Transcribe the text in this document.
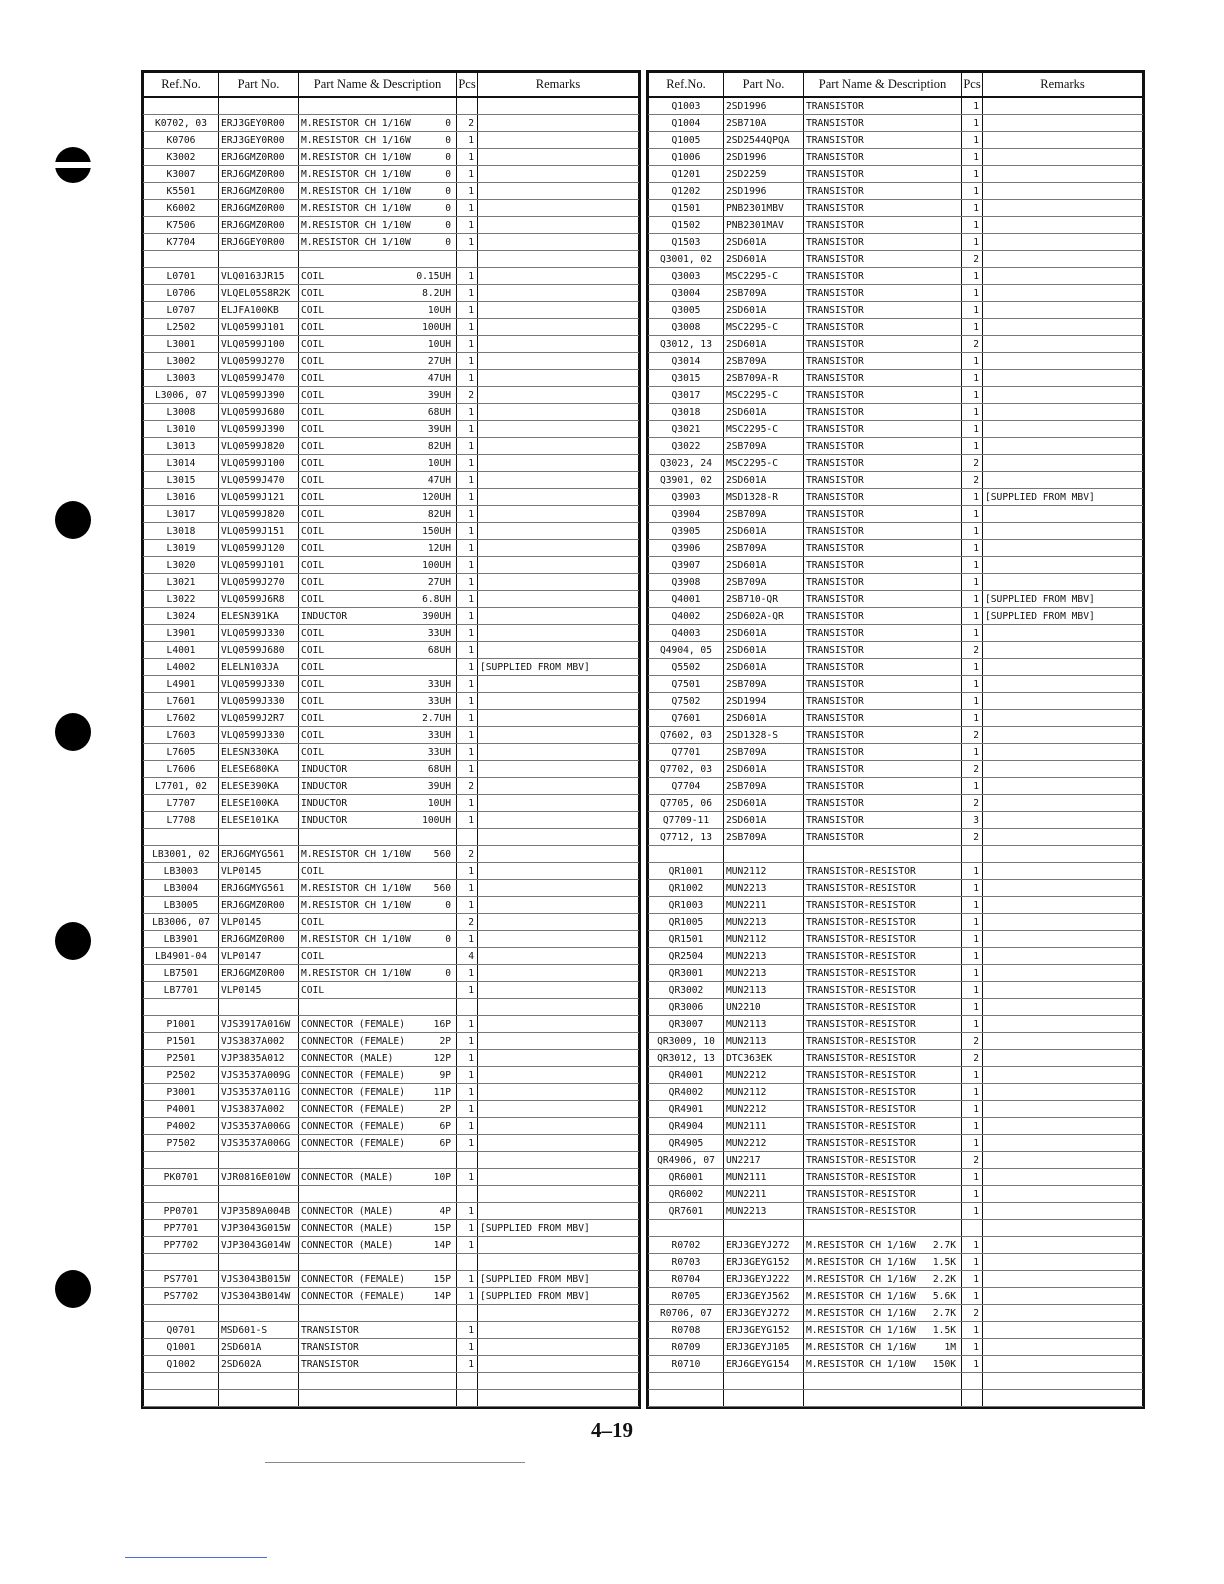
Ref.No.	Part No.	Part Name & Description	Pcs	Remarks

K0702, 03	ERJ3GEY0R00	M.RESISTOR CH 1/16W 0	2	
K0706	ERJ3GEY0R00	M.RESISTOR CH 1/16W 0	1	
K3002	ERJ6GMZ0R00	M.RESISTOR CH 1/10W 0	1	
K3007	ERJ6GMZ0R00	M.RESISTOR CH 1/10W 0	1	
K5501	ERJ6GMZ0R00	M.RESISTOR CH 1/10W 0	1	
K6002	ERJ6GMZ0R00	M.RESISTOR CH 1/10W 0	1	
K7506	ERJ6GMZ0R00	M.RESISTOR CH 1/10W 0	1	
K7704	ERJ6GEY0R00	M.RESISTOR CH 1/10W 0	1	

L0701	VLQ0163JR15	COIL 0.15UH	1	
L0706	VLQEL05S8R2K	COIL 8.2UH	1	
L0707	ELJFA100KB	COIL 10UH	1	
L2502	VLQ0599J101	COIL 100UH	1	
L3001	VLQ0599J100	COIL 10UH	1	
L3002	VLQ0599J270	COIL 27UH	1	
L3003	VLQ0599J470	COIL 47UH	1	
L3006, 07	VLQ0599J390	COIL 39UH	2	
L3008	VLQ0599J680	COIL 68UH	1	
L3010	VLQ0599J390	COIL 39UH	1	
L3013	VLQ0599J820	COIL 82UH	1	
L3014	VLQ0599J100	COIL 10UH	1	
L3015	VLQ0599J470	COIL 47UH	1	
L3016	VLQ0599J121	COIL 120UH	1	
L3017	VLQ0599J820	COIL 82UH	1	
L3018	VLQ0599J151	COIL 150UH	1	
L3019	VLQ0599J120	COIL 12UH	1	
L3020	VLQ0599J101	COIL 100UH	1	
L3021	VLQ0599J270	COIL 27UH	1	
L3022	VLQ0599J6R8	COIL 6.8UH	1	
L3024	ELESN391KA	INDUCTOR 390UH	1	
L3901	VLQ0599J330	COIL 33UH	1	
L4001	VLQ0599J680	COIL 68UH	1	
L4002	ELELN103JA	COIL	1	[SUPPLIED FROM MBV]
L4901	VLQ0599J330	COIL 33UH	1	
L7601	VLQ0599J330	COIL 33UH	1	
L7602	VLQ0599J2R7	COIL 2.7UH	1	
L7603	VLQ0599J330	COIL 33UH	1	
L7605	ELESN330KA	COIL 33UH	1	
L7606	ELESE680KA	INDUCTOR 68UH	1	
L7701, 02	ELESE390KA	INDUCTOR 39UH	2	
L7707	ELESE100KA	INDUCTOR 10UH	1	
L7708	ELESE101KA	INDUCTOR 100UH	1	

LB3001, 02	ERJ6GMYG561	M.RESISTOR CH 1/10W 560	2	
LB3003	VLP0145	COIL	1	
LB3004	ERJ6GMYG561	M.RESISTOR CH 1/10W 560	1	
LB3005	ERJ6GMZ0R00	M.RESISTOR CH 1/10W 0	1	
LB3006, 07	VLP0145	COIL	2	
LB3901	ERJ6GMZ0R00	M.RESISTOR CH 1/10W 0	1	
LB4901-04	VLP0147	COIL	4	
LB7501	ERJ6GMZ0R00	M.RESISTOR CH 1/10W 0	1	
LB7701	VLP0145	COIL	1	

P1001	VJS3917A016W	CONNECTOR (FEMALE) 16P	1	
P1501	VJS3837A002	CONNECTOR (FEMALE) 2P	1	
P2501	VJP3835A012	CONNECTOR (MALE) 12P	1	
P2502	VJS3537A009G	CONNECTOR (FEMALE) 9P	1	
P3001	VJS3537A011G	CONNECTOR (FEMALE) 11P	1	
P4001	VJS3837A002	CONNECTOR (FEMALE) 2P	1	
P4002	VJS3537A006G	CONNECTOR (FEMALE) 6P	1	
P7502	VJS3537A006G	CONNECTOR (FEMALE) 6P	1	

PK0701	VJR0816E010W	CONNECTOR (MALE) 10P	1	

PP0701	VJP3589A004B	CONNECTOR (MALE) 4P	1	
PP7701	VJP3043G015W	CONNECTOR (MALE) 15P	1	[SUPPLIED FROM MBV]
PP7702	VJP3043G014W	CONNECTOR (MALE) 14P	1	

PS7701	VJS3043B015W	CONNECTOR (FEMALE) 15P	1	[SUPPLIED FROM MBV]
PS7702	VJS3043B014W	CONNECTOR (FEMALE) 14P	1	[SUPPLIED FROM MBV]

Q0701	MSD601-S	TRANSISTOR	1	
Q1001	2SD601A	TRANSISTOR	1	
Q1002	2SD602A	TRANSISTOR	1	

Ref.No.	Part No.	Part Name & Description	Pcs	Remarks
Q1003	2SD1996	TRANSISTOR	1	
Q1004	2SB710A	TRANSISTOR	1	
Q1005	2SD2544QPQA	TRANSISTOR	1	
Q1006	2SD1996	TRANSISTOR	1	
Q1201	2SD2259	TRANSISTOR	1	
Q1202	2SD1996	TRANSISTOR	1	
Q1501	PNB2301MBV	TRANSISTOR	1	
Q1502	PNB2301MAV	TRANSISTOR	1	
Q1503	2SD601A	TRANSISTOR	1	
Q3001, 02	2SD601A	TRANSISTOR	2	
Q3003	MSC2295-C	TRANSISTOR	1	
Q3004	2SB709A	TRANSISTOR	1	
Q3005	2SD601A	TRANSISTOR	1	
Q3008	MSC2295-C	TRANSISTOR	1	
Q3012, 13	2SD601A	TRANSISTOR	2	
Q3014	2SB709A	TRANSISTOR	1	
Q3015	2SB709A-R	TRANSISTOR	1	
Q3017	MSC2295-C	TRANSISTOR	1	
Q3018	2SD601A	TRANSISTOR	1	
Q3021	MSC2295-C	TRANSISTOR	1	
Q3022	2SB709A	TRANSISTOR	1	
Q3023, 24	MSC2295-C	TRANSISTOR	2	
Q3901, 02	2SD601A	TRANSISTOR	2	
Q3903	MSD1328-R	TRANSISTOR	1	[SUPPLIED FROM MBV]
Q3904	2SB709A	TRANSISTOR	1	
Q3905	2SD601A	TRANSISTOR	1	
Q3906	2SB709A	TRANSISTOR	1	
Q3907	2SD601A	TRANSISTOR	1	
Q3908	2SB709A	TRANSISTOR	1	
Q4001	2SB710-QR	TRANSISTOR	1	[SUPPLIED FROM MBV]
Q4002	2SD602A-QR	TRANSISTOR	1	[SUPPLIED FROM MBV]
Q4003	2SD601A	TRANSISTOR	1	
Q4904, 05	2SD601A	TRANSISTOR	2	
Q5502	2SD601A	TRANSISTOR	1	
Q7501	2SB709A	TRANSISTOR	1	
Q7502	2SD1994	TRANSISTOR	1	
Q7601	2SD601A	TRANSISTOR	1	
Q7602, 03	2SD1328-S	TRANSISTOR	2	
Q7701	2SB709A	TRANSISTOR	1	
Q7702, 03	2SD601A	TRANSISTOR	2	
Q7704	2SB709A	TRANSISTOR	1	
Q7705, 06	2SD601A	TRANSISTOR	2	
Q7709-11	2SD601A	TRANSISTOR	3	
Q7712, 13	2SB709A	TRANSISTOR	2	

QR1001	MUN2112	TRANSISTOR-RESISTOR	1	
QR1002	MUN2213	TRANSISTOR-RESISTOR	1	
QR1003	MUN2211	TRANSISTOR-RESISTOR	1	
QR1005	MUN2213	TRANSISTOR-RESISTOR	1	
QR1501	MUN2112	TRANSISTOR-RESISTOR	1	
QR2504	MUN2213	TRANSISTOR-RESISTOR	1	
QR3001	MUN2213	TRANSISTOR-RESISTOR	1	
QR3002	MUN2113	TRANSISTOR-RESISTOR	1	
QR3006	UN2210	TRANSISTOR-RESISTOR	1	
QR3007	MUN2113	TRANSISTOR-RESISTOR	1	
QR3009, 10	MUN2113	TRANSISTOR-RESISTOR	2	
QR3012, 13	DTC363EK	TRANSISTOR-RESISTOR	2	
QR4001	MUN2212	TRANSISTOR-RESISTOR	1	
QR4002	MUN2112	TRANSISTOR-RESISTOR	1	
QR4901	MUN2212	TRANSISTOR-RESISTOR	1	
QR4904	MUN2111	TRANSISTOR-RESISTOR	1	
QR4905	MUN2212	TRANSISTOR-RESISTOR	1	
QR4906, 07	UN2217	TRANSISTOR-RESISTOR	2	
QR6001	MUN2111	TRANSISTOR-RESISTOR	1	
QR6002	MUN2211	TRANSISTOR-RESISTOR	1	
QR7601	MUN2213	TRANSISTOR-RESISTOR	1	

R0702	ERJ3GEYJ272	M.RESISTOR CH 1/16W 2.7K	1	
R0703	ERJ3GEYG152	M.RESISTOR CH 1/16W 1.5K	1	
R0704	ERJ3GEYJ222	M.RESISTOR CH 1/16W 2.2K	1	
R0705	ERJ3GEYJ562	M.RESISTOR CH 1/16W 5.6K	1	
R0706, 07	ERJ3GEYJ272	M.RESISTOR CH 1/16W 2.7K	2	
R0708	ERJ3GEYG152	M.RESISTOR CH 1/16W 1.5K	1	
R0709	ERJ3GEYJ105	M.RESISTOR CH 1/16W 1M	1	
R0710	ERJ6GEYG154	M.RESISTOR CH 1/10W 150K	1	

4–19
